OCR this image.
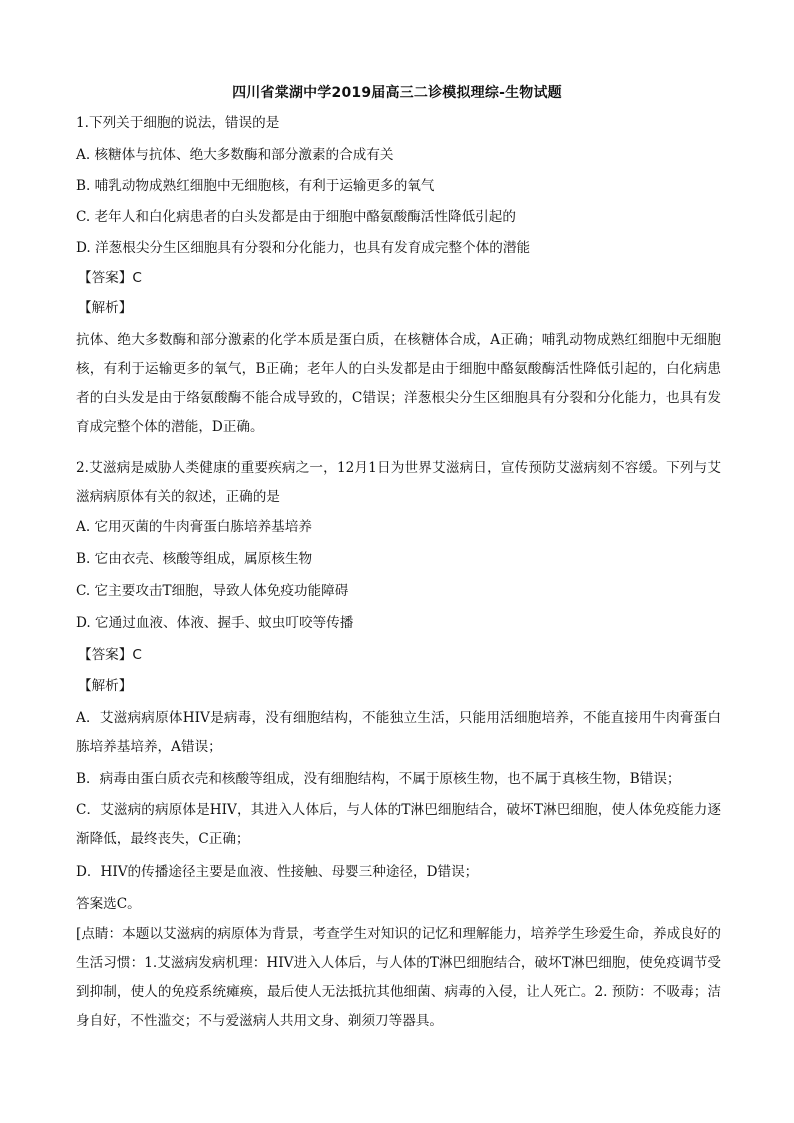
四川省棠湖中学2019届高三二诊模拟理综-生物试题
1.下列关于细胞的说法，错误的是
A. 核糖体与抗体、绝大多数酶和部分激素的合成有关
B. 哺乳动物成熟红细胞中无细胞核，有利于运输更多的氧气
C. 老年人和白化病患者的白头发都是由于细胞中酪氨酸酶活性降低引起的
D. 洋葱根尖分生区细胞具有分裂和分化能力，也具有发育成完整个体的潜能
【答案】C
【解析】
抗体、绝大多数酶和部分激素的化学本质是蛋白质，在核糖体合成，A正确；哺乳动物成熟红细胞中无细胞核，有利于运输更多的氧气，B正确；老年人的白头发都是由于细胞中酪氨酸酶活性降低引起的，白化病患者的白头发是由于络氨酸酶不能合成导致的，C错误；洋葱根尖分生区细胞具有分裂和分化能力，也具有发育成完整个体的潜能，D正确。
2.艾滋病是威胁人类健康的重要疾病之一，12月1日为世界艾滋病日，宣传预防艾滋病刻不容缓。下列与艾滋病病原体有关的叙述，正确的是
A. 它用灭菌的牛肉膏蛋白胨培养基培养
B. 它由衣壳、核酸等组成，属原核生物
C. 它主要攻击T细胞，导致人体免疫功能障碍
D. 它通过血液、体液、握手、蚊虫叮咬等传播
【答案】C
【解析】
A．艾滋病病原体HIV是病毒，没有细胞结构，不能独立生活，只能用活细胞培养，不能直接用牛肉膏蛋白胨培养基培养，A错误；
B．病毒由蛋白质衣壳和核酸等组成，没有细胞结构，不属于原核生物，也不属于真核生物，B错误；
C．艾滋病的病原体是HIV，其进入人体后，与人体的T淋巴细胞结合，破坏T淋巴细胞，使人体免疫能力逐渐降低，最终丧失，C正确；
D．HIV的传播途径主要是血液、性接触、母婴三种途径，D错误；
答案选C。
[点睛：本题以艾滋病的病原体为背景，考查学生对知识的记忆和理解能力，培养学生珍爱生命，养成良好的生活习惯：1.艾滋病发病机理：HIV进入人体后，与人体的T淋巴细胞结合，破坏T淋巴细胞，使免疫调节受到抑制，使人的免疫系统瘫痪，最后使人无法抵抗其他细菌、病毒的入侵，让人死亡。2. 预防：不吸毒；洁身自好，不性滥交；不与爱滋病人共用文身、剃须刀等器具。
